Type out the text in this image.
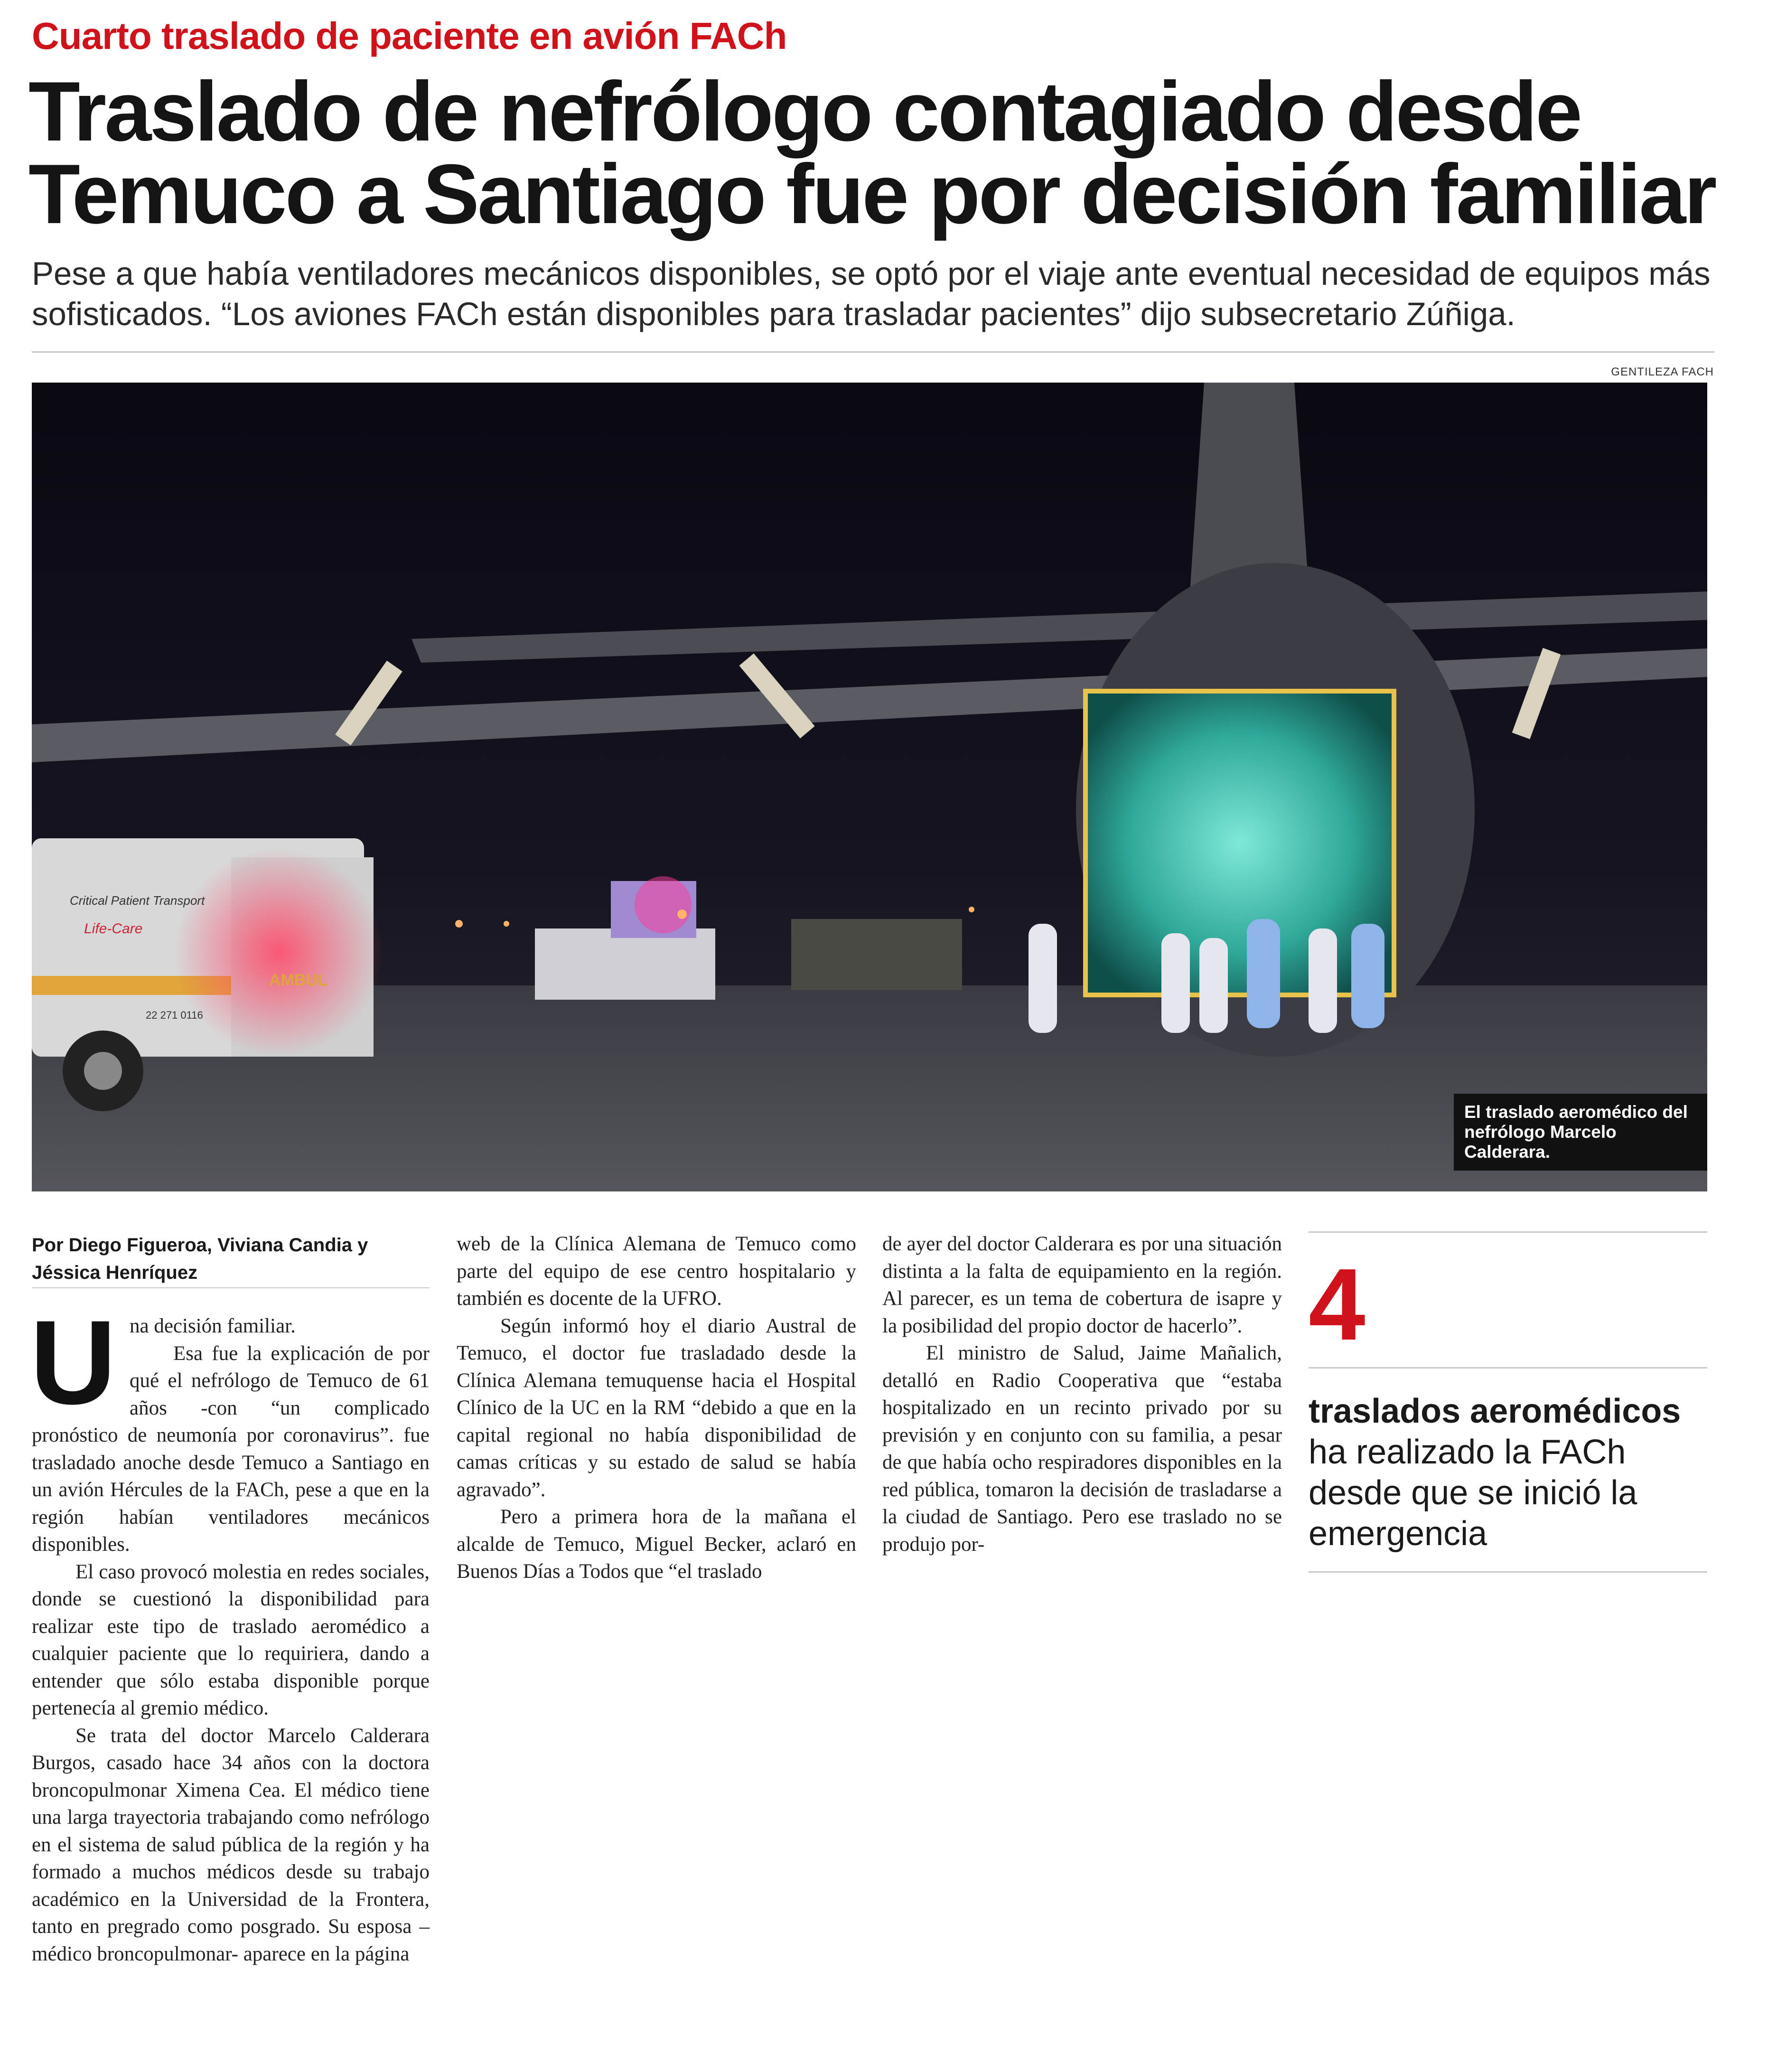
Cuarto traslado de paciente en avión FACh
Traslado de nefrólogo contagiado desde
Temuco a Santiago fue por decisión familiar

Pese a que había ventiladores mecánicos disponibles, se optó por el viaje ante eventual necesidad de equipos más sofisticados. “Los aviones FACh están disponibles para trasladar pacientes” dijo subsecretario Zúñiga.

GENTILEZA FACH
Critical Patient Transport
Life-Care
AMBUL
22 271 0116
El traslado aeromédico del nefrólogo Marcelo Calderara.
Por Diego Figueroa, Viviana Candia y Jéssica Henríquez
U na decisión familiar.

Esa fue la explicación de por qué el nefrólogo de Temuco de 61 años -con “un complicado pronóstico de neumonía por coronavirus”. fue trasladado anoche desde Temuco a Santiago en un avión Hércules de la FACh, pese a que en la región habían ventiladores mecánicos disponibles.

El caso provocó molestia en redes sociales, donde se cuestionó la disponibilidad para realizar este tipo de traslado aeromédico a cualquier paciente que lo requiriera, dando a entender que sólo estaba disponible porque pertenecía al gremio médico.

Se trata del doctor Marcelo Calderara Burgos, casado hace 34 años con la doctora broncopulmonar Ximena Cea. El médico tiene una larga trayectoria trabajando como nefrólogo en el sistema de salud pública de la región y ha formado a muchos médicos desde su trabajo académico en la Universidad de la Frontera, tanto en pregrado como posgrado. Su esposa –médico broncopulmonar- aparece en la página

web de la Clínica Alemana de Temuco como parte del equipo de ese centro hospitalario y también es docente de la UFRO.

Según informó hoy el diario Austral de Temuco, el doctor fue trasladado desde la Clínica Alemana temuquense hacia el Hospital Clínico de la UC en la RM “debido a que en la capital regional no había disponibilidad de camas críticas y su estado de salud se había agravado”.

Pero a primera hora de la mañana el alcalde de Temuco, Miguel Becker, aclaró en Buenos Días a Todos que “el traslado

de ayer del doctor Calderara es por una situación distinta a la falta de equipamiento en la región. Al parecer, es un tema de cobertura de isapre y la posibilidad del propio doctor de hacerlo”.

El ministro de Salud, Jaime Mañalich, detalló en Radio Cooperativa que “estaba hospitalizado en un recinto privado por su previsión y en conjunto con su familia, a pesar de que había ocho respiradores disponibles en la red pública, tomaron la decisión de trasladarse a la ciudad de Santiago. Pero ese traslado no se produjo por-

4
traslados aeromédicos
ha realizado la FACh desde que se inició la emergencia
